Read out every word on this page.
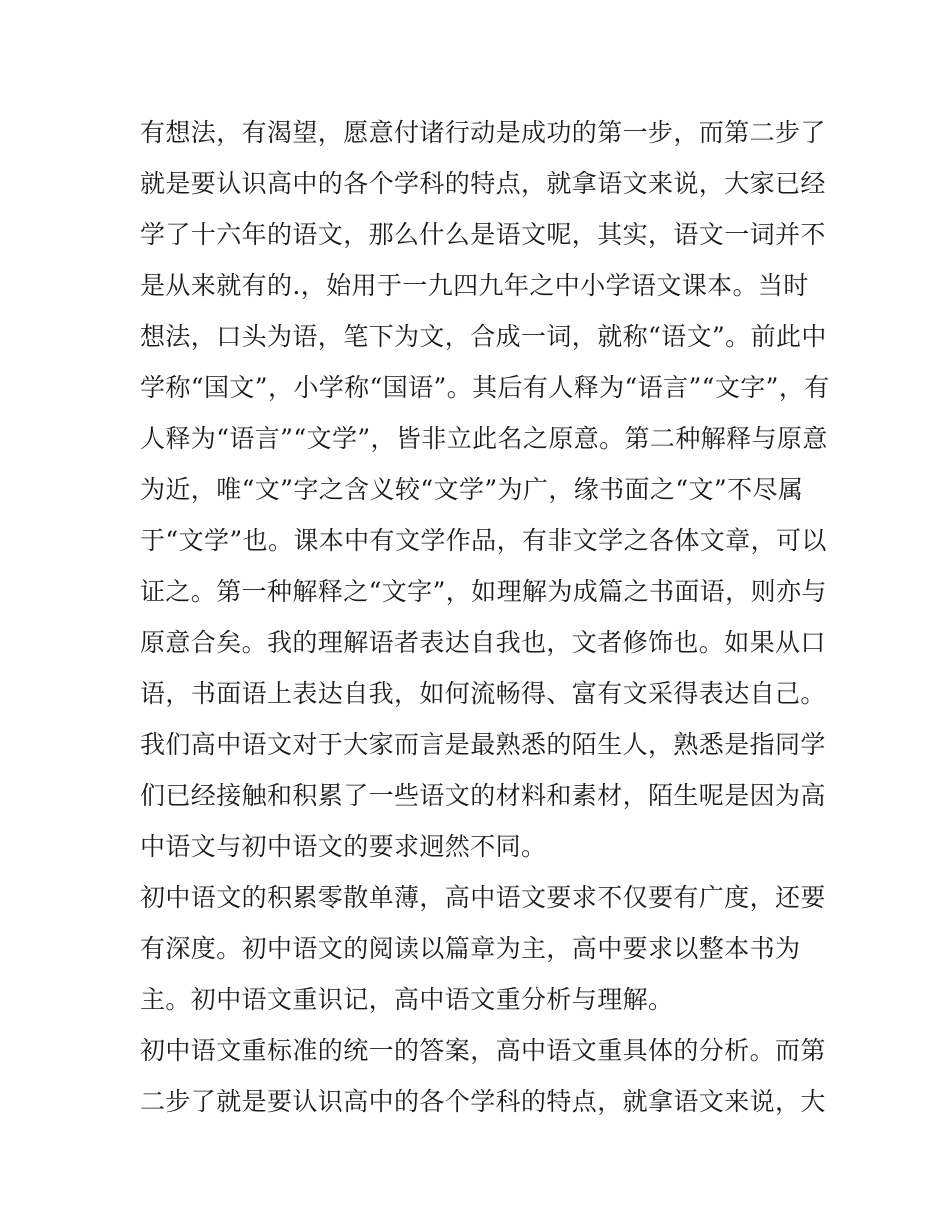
有想法，有渴望，愿意付诸行动是成功的第一步，而第二步了
就是要认识高中的各个学科的特点，就拿语文来说，大家已经
学了十六年的语文，那么什么是语文呢，其实，语文一词并不
是从来就有的.，始用于一九四九年之中小学语文课本。当时
想法，口头为语，笔下为文，合成一词，就称“语文”。前此中
学称“国文”，小学称“国语”。其后有人释为“语言”“文字”，有
人释为“语言”“文学”，皆非立此名之原意。第二种解释与原意
为近，唯“文”字之含义较“文学”为广，缘书面之“文”不尽属
于“文学”也。课本中有文学作品，有非文学之各体文章，可以
证之。第一种解释之“文字”，如理解为成篇之书面语，则亦与
原意合矣。我的理解语者表达自我也，文者修饰也。如果从口
语，书面语上表达自我，如何流畅得、富有文采得表达自己。
我们高中语文对于大家而言是最熟悉的陌生人，熟悉是指同学
们已经接触和积累了一些语文的材料和素材，陌生呢是因为高
中语文与初中语文的要求迥然不同。
初中语文的积累零散单薄，高中语文要求不仅要有广度，还要
有深度。初中语文的阅读以篇章为主，高中要求以整本书为
主。初中语文重识记，高中语文重分析与理解。
初中语文重标准的统一的答案，高中语文重具体的分析。而第
二步了就是要认识高中的各个学科的特点，就拿语文来说，大
